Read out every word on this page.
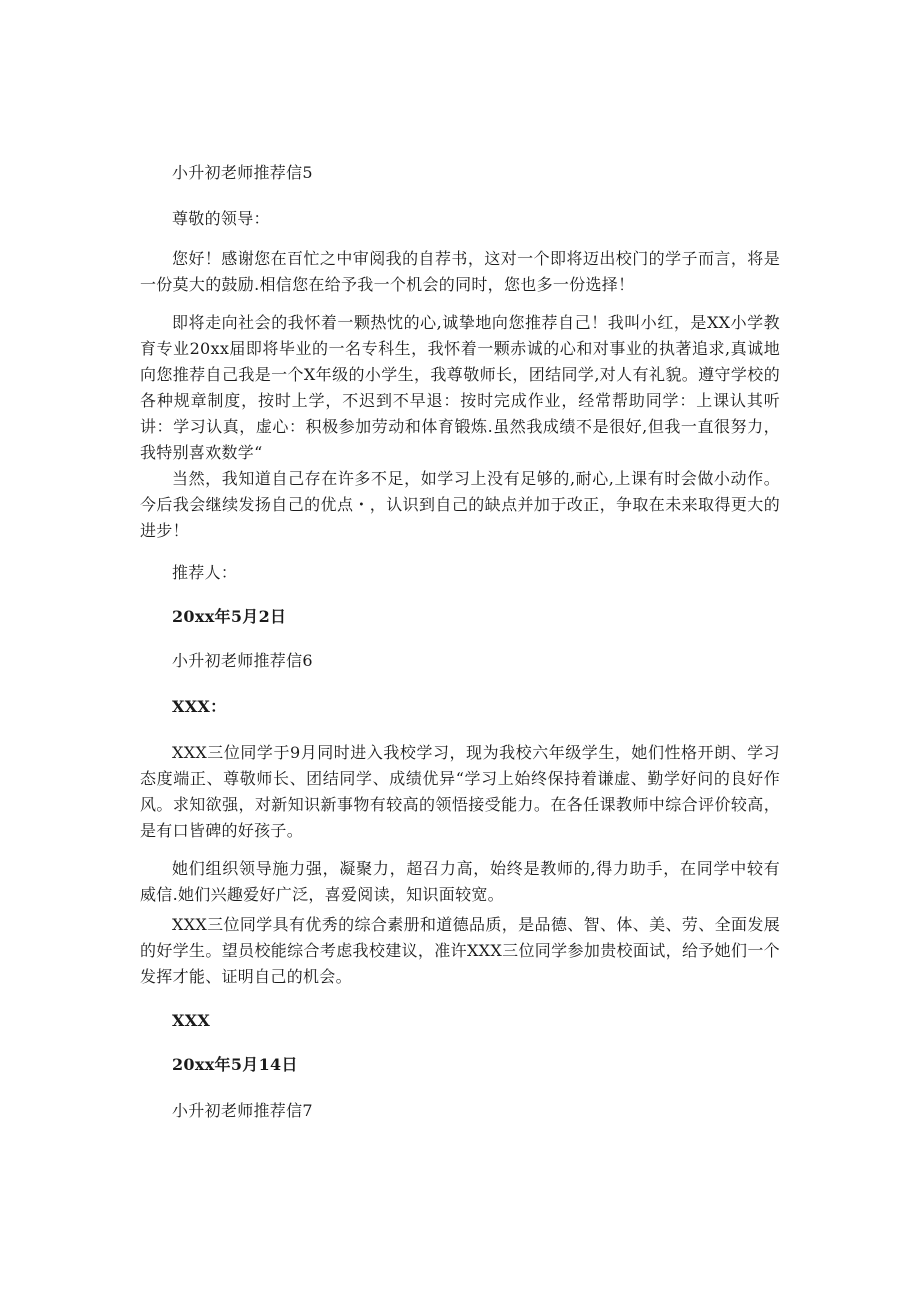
小升初老师推荐信5

尊敬的领导：

您好！感谢您在百忙之中审阅我的自荐书，这对一个即将迈出校门的学子而言，将是一份莫大的鼓励.相信您在给予我一个机会的同时，您也多一份选择！

即将走向社会的我怀着一颗热忱的心,诚挚地向您推荐自己！我叫小红，是XX小学教育专业20xx届即将毕业的一名专科生，我怀着一颗赤诚的心和对事业的执著追求,真诚地向您推荐自己我是一个X年级的小学生，我尊敬师长，团结同学,对人有礼貌。遵守学校的各种规章制度，按时上学，不迟到不早退：按时完成作业，经常帮助同学：上课认其听讲：学习认真，虚心：积极参加劳动和体育锻炼.虽然我成绩不是很好,但我一直很努力，我特别喜欢数学“

当然，我知道自己存在许多不足，如学习上没有足够的,耐心,上课有时会做小动作。今后我会继续发扬自己的优点・，认识到自己的缺点并加于改正，争取在未来取得更大的进步！

推荐人：

20xx年5月2日

小升初老师推荐信6

XXX：

XXX三位同学于9月同时进入我校学习，现为我校六年级学生，她们性格开朗、学习态度端正、尊敬师长、团结同学、成绩优异“学习上始终保持着谦虚、勤学好问的良好作风。求知欲强，对新知识新事物有较高的领悟接受能力。在各任课教师中综合评价较高，是有口皆碑的好孩子。

她们组织领导施力强，凝聚力，超召力高，始终是教师的,得力助手，在同学中较有威信.她们兴趣爱好广泛，喜爱阅读，知识面较宽。

XXX三位同学具有优秀的综合素册和道德品质，是品德、智、体、美、劳、全面发展的好学生。望员校能综合考虑我校建议，准许XXX三位同学参加贵校面试，给予她们一个发挥才能、证明自己的机会。

XXX

20xx年5月14日

小升初老师推荐信7
